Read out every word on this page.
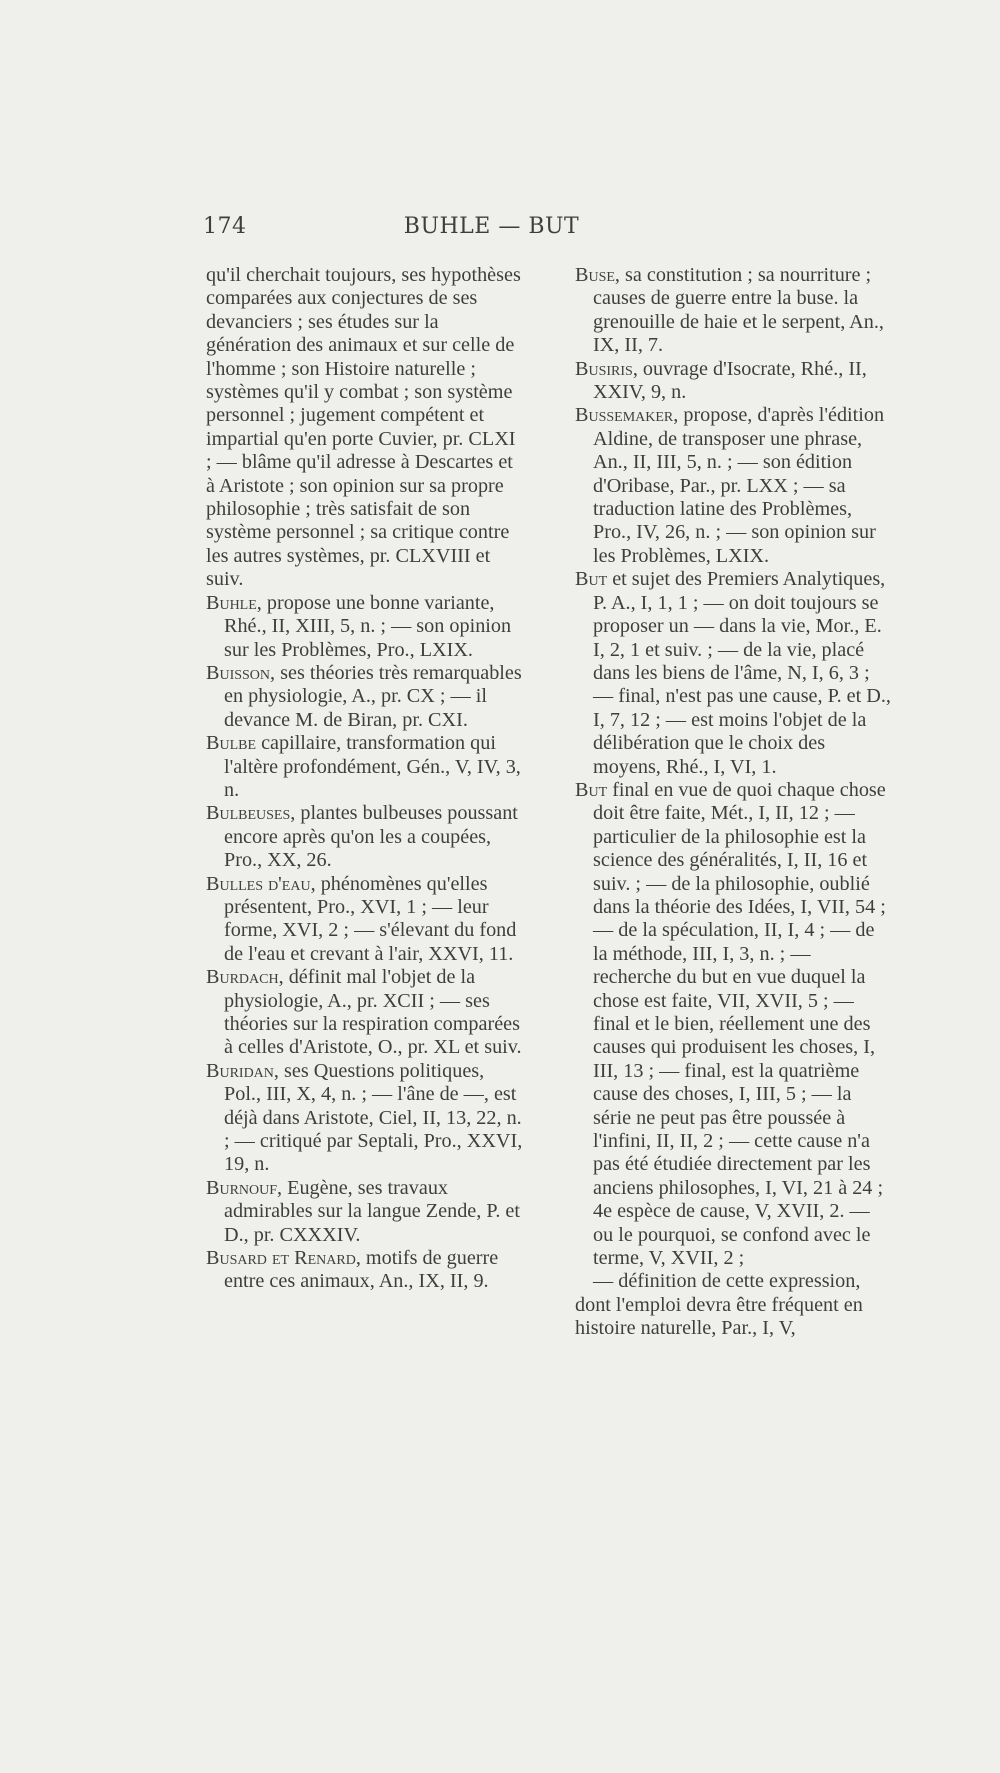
174	BUHLE — BUT

qu'il cherchait toujours, ses hypothèses comparées aux conjectures de ses devanciers ; ses études sur la génération des animaux et sur celle de l'homme ; son Histoire naturelle ; systèmes qu'il y combat ; son système personnel ; jugement compétent et impartial qu'en porte Cuvier, pr. CLXI ; — blâme qu'il adresse à Descartes et à Aristote ; son opinion sur sa propre philosophie ; très satisfait de son système personnel ; sa critique contre les autres systèmes, pr. CLXVIII et suiv.

Buhle, propose une bonne variante, Rhé., II, XIII, 5, n. ; — son opinion sur les Problèmes, Pro., LXIX.

Buisson, ses théories très remarquables en physiologie, A., pr. CX ; — il devance M. de Biran, pr. CXI.

Bulbe capillaire, transformation qui l'altère profondément, Gén., V, IV, 3, n.

Bulbeuses, plantes bulbeuses poussant encore après qu'on les a coupées, Pro., XX, 26.

Bulles d'eau, phénomènes qu'elles présentent, Pro., XVI, 1 ; — leur forme, XVI, 2 ; — s'élevant du fond de l'eau et crevant à l'air, XXVI, 11.

Burdach, définit mal l'objet de la physiologie, A., pr. XCII ; — ses théories sur la respiration comparées à celles d'Aristote, O., pr. XL et suiv.

Buridan, ses Questions politiques, Pol., III, X, 4, n. ; — l'âne de —, est déjà dans Aristote, Ciel, II, 13, 22, n. ; — critiqué par Septali, Pro., XXVI, 19, n.

Burnouf, Eugène, ses travaux admirables sur la langue Zende, P. et D., pr. CXXXIV.

Busard et Renard, motifs de guerre entre ces animaux, An., IX, II, 9.

Buse, sa constitution ; sa nourriture ; causes de guerre entre la buse. la grenouille de haie et le serpent, An., IX, II, 7.

Busiris, ouvrage d'Isocrate, Rhé., II, XXIV, 9, n.

Bussemaker, propose, d'après l'édition Aldine, de transposer une phrase, An., II, III, 5, n. ; — son édition d'Oribase, Par., pr. LXX ; — sa traduction latine des Problèmes, Pro., IV, 26, n. ; — son opinion sur les Problèmes, LXIX.

But et sujet des Premiers Analytiques, P. A., I, 1, 1 ; — on doit toujours se proposer un — dans la vie, Mor., E. I, 2, 1 et suiv. ; — de la vie, placé dans les biens de l'âme, N, I, 6, 3 ; — final, n'est pas une cause, P. et D., I, 7, 12 ; — est moins l'objet de la délibération que le choix des moyens, Rhé., I, VI, 1.

But final en vue de quoi chaque chose doit être faite, Mét., I, II, 12 ; — particulier de la philosophie est la science des généralités, I, II, 16 et suiv. ; — de la philosophie, oublié dans la théorie des Idées, I, VII, 54 ; — de la spéculation, II, I, 4 ; — de la méthode, III, I, 3, n. ; — recherche du but en vue duquel la chose est faite, VII, XVII, 5 ; — final et le bien, réellement une des causes qui produisent les choses, I, III, 13 ; — final, est la quatrième cause des choses, I, III, 5 ; — la série ne peut pas être poussée à l'infini, II, II, 2 ; — cette cause n'a pas été étudiée directement par les anciens philosophes, I, VI, 21 à 24 ; 4e espèce de cause, V, XVII, 2. — ou le pourquoi, se confond avec le terme, V, XVII, 2 ;

— définition de cette expression, dont l'emploi devra être fréquent en histoire naturelle, Par., I, V,
